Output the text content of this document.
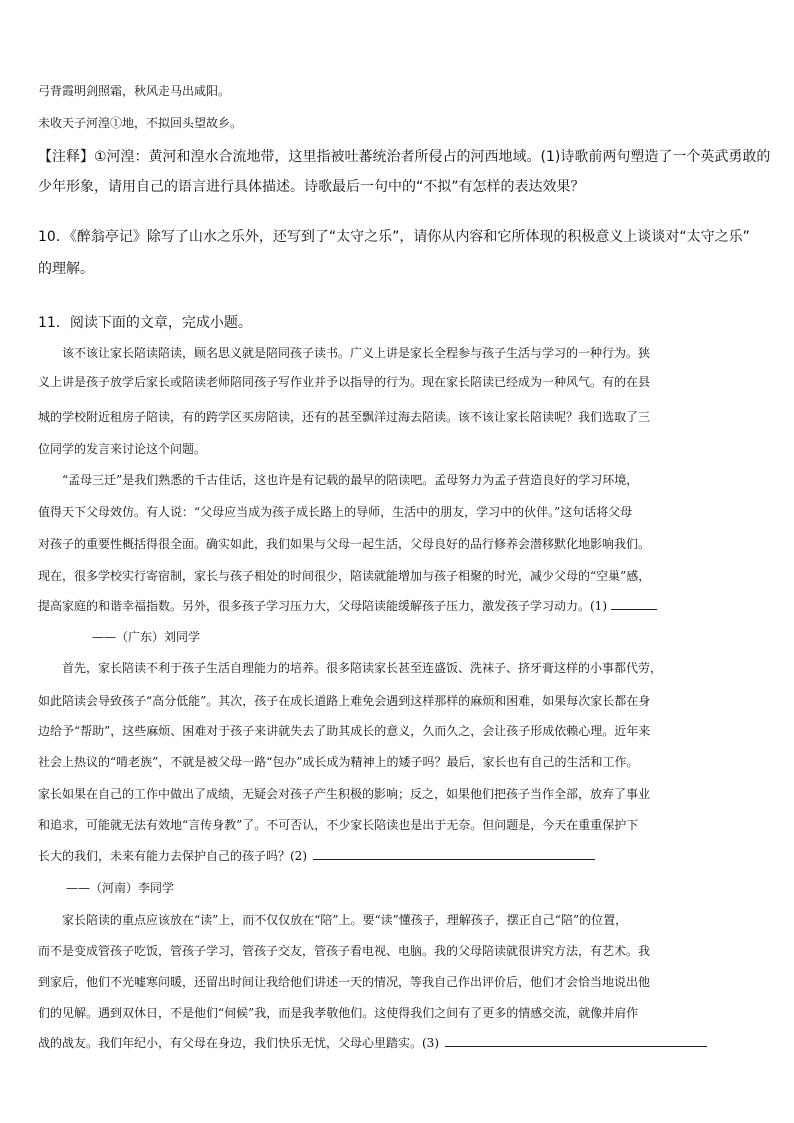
弓背霞明剑照霜，秋风走马出咸阳。
未收天子河湟①地，不拟回头望故乡。
【注释】①河湟：黄河和湟水合流地带，这里指被吐蕃统治者所侵占的河西地域。(1)诗歌前两句塑造了一个英武勇敢的
少年形象，请用自己的语言进行具体描述。诗歌最后一句中的“不拟”有怎样的表达效果？
10．《醉翁亭记》除写了山水之乐外，还写到了“太守之乐”，请你从内容和它所体现的积极意义上谈谈对“太守之乐”
的理解。
11．阅读下面的文章，完成小题。
该不该让家长陪读陪读，顾名思义就是陪同孩子读书。广义上讲是家长全程参与孩子生活与学习的一种行为。狭
义上讲是孩子放学后家长或陪读老师陪同孩子写作业并予以指导的行为。现在家长陪读已经成为一种风气。有的在县
城的学校附近租房子陪读，有的跨学区买房陪读，还有的甚至飘洋过海去陪读。该不该让家长陪读呢？我们选取了三
位同学的发言来讨论这个问题。
“孟母三迁”是我们熟悉的千古佳话，这也许是有记载的最早的陪读吧。孟母努力为孟子营造良好的学习环境，
值得天下父母效仿。有人说：“父母应当成为孩子成长路上的导师，生活中的朋友，学习中的伙伴。”这句话将父母
对孩子的重要性概括得很全面。确实如此，我们如果与父母一起生活，父母良好的品行修养会潜移默化地影响我们。
现在，很多学校实行寄宿制，家长与孩子相处的时间很少，陪读就能增加与孩子相聚的时光，减少父母的“空巢”感，
提高家庭的和谐幸福指数。另外，很多孩子学习压力大，父母陪读能缓解孩子压力，激发孩子学习动力。(1)
——（广东）刘同学
首先，家长陪读不利于孩子生活自理能力的培养。很多陪读家长甚至连盛饭、洗袜子、挤牙膏这样的小事都代劳，
如此陪读会导致孩子“高分低能”。其次，孩子在成长道路上难免会遇到这样那样的麻烦和困难，如果每次家长都在身
边给予“帮助”，这些麻烦、困难对于孩子来讲就失去了助其成长的意义，久而久之，会让孩子形成依赖心理。近年来
社会上热议的“啃老族”，不就是被父母一路“包办”成长成为精神上的矮子吗？最后，家长也有自己的生活和工作。
家长如果在自己的工作中做出了成绩，无疑会对孩子产生积极的影响；反之，如果他们把孩子当作全部，放弃了事业
和追求，可能就无法有效地“言传身教”了。不可否认，不少家长陪读也是出于无奈。但问题是，今天在重重保护下
长大的我们，未来有能力去保护自己的孩子吗？(2)
——（河南）李同学
家长陪读的重点应该放在“读”上，而不仅仅放在“陪”上。要“读”懂孩子，理解孩子，摆正自己“陪”的位置，
而不是变成管孩子吃饭，管孩子学习，管孩子交友，管孩子看电视、电脑。我的父母陪读就很讲究方法，有艺术。我
到家后，他们不光嘘寒问暖，还留出时间让我给他们讲述一天的情况，等我自己作出评价后，他们才会恰当地说出他
们的见解。遇到双休日，不是他们“伺候”我，而是我孝敬他们。这使得我们之间有了更多的情感交流，就像并肩作
战的战友。我们年纪小，有父母在身边，我们快乐无忧，父母心里踏实。(3)
